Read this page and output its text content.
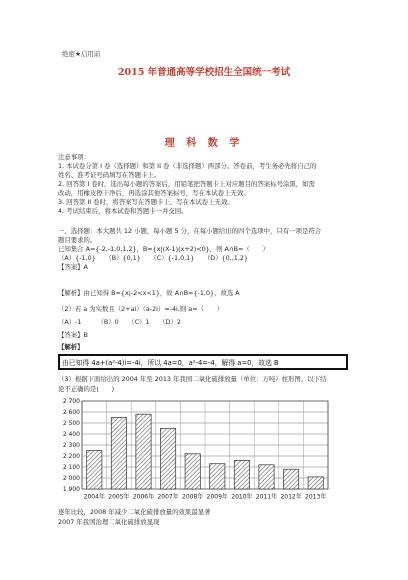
绝密★启用前
2015 年普通高等学校招生全国统一考试
理 科 数 学
注意事项：
1. 本试卷分第 I 卷（选择题）和第 II 卷（非选择题）两部分。答卷前，考生务必先将自己的
姓名、准考证号码填写在答题卡上。
2. 回答第 I 卷时，选出每小题的答案后，用铅笔把答题卡上对应题目的答案标号涂黑，如需
改动，用橡皮擦干净后，再选涂其他答案标号，写在本试卷上无效。
3. 回答第 II 卷时，将答案写在答题卡上，写在本试卷上无效。
4. 考试结束后，将本试卷和答题卡一并交回。
一、选择题：本大题共 12 小题，每小题 5 分，在每小题给出的四个选项中，只有一项是符合
题目要求的。
已知集合 A={-2,-1,0,1,2}，B={x|(X-1)(x+2)<0}，则 A∩B=（　　）
（A）{-1,0}　　（B）{0,1}　　（C）{-1,0,1}　　（D）{0,,1,2}
【答案】A
【解析】由已知得 B={x|-2<x<1}，故 A∩B={-1,0}，故选 A
（2）若 a 为实数且（2+ai）（a-2i）=-4i,则 a=（　　）
（A）-1　　　（B）0　　（C）1　　（D）2
【答案】B
【解析】
由已知得 4a+(a²-4)i=-4i，所以 4a=0，a²-4=-4，解得 a=0，故选 B
（3）根据下面给出的 2004 年至 2013 年我国二氧化硫排放量（单位：万吨）柱形图。以下结
论不正确的是(　　)
1 900
2 000
2 100
2 200
2 300
2 400
2 500
2 600
2 700
2004年 2005年 2006年 2007年 2008年 2009年 2010年 2011年 2012年 2013年
逐年比较，2008 年减少二氧化硫排放量的效果最显著
2007 年我国治理二氧化硫排放显现
